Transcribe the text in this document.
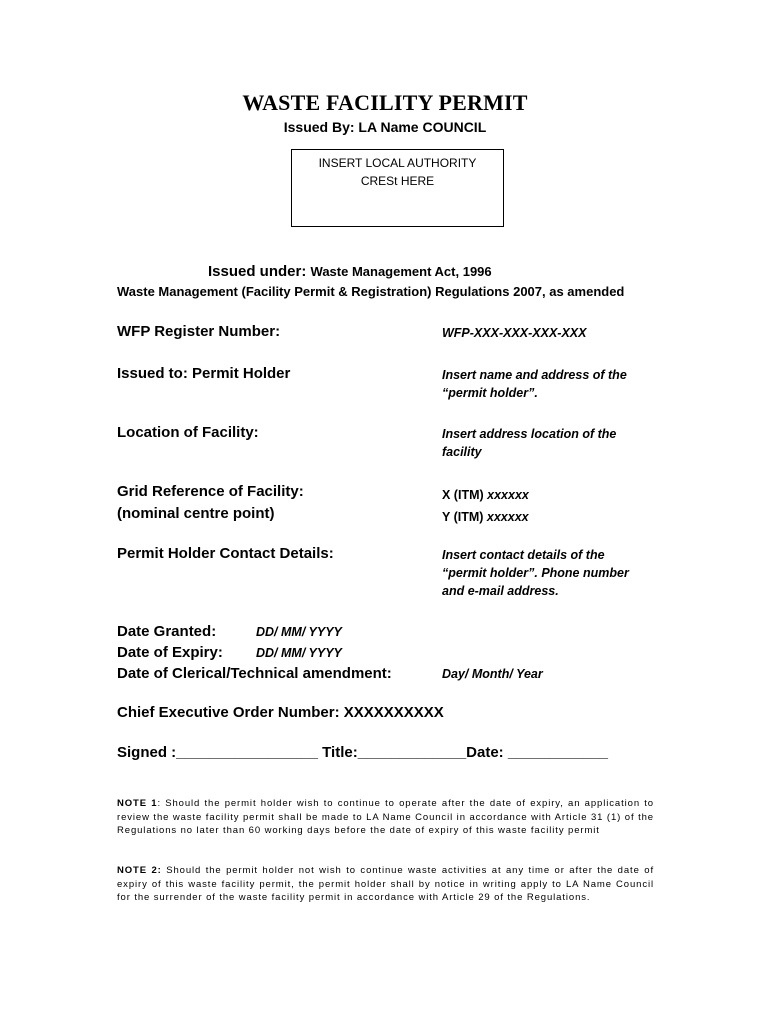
WASTE FACILITY PERMIT
Issued By: LA Name COUNCIL
INSERT LOCAL AUTHORITY
CRESt HERE
Issued under: Waste Management Act, 1996
Waste Management (Facility Permit & Registration) Regulations 2007, as amended
WFP Register Number:	WFP-XXX-XXX-XXX-XXX
Issued to: Permit Holder	Insert name and address of the
“permit holder”.
Location of Facility:	Insert address location of the
facility
Grid Reference of Facility:
(nominal centre point)
X (ITM) xxxxxx
Y (ITM) xxxxxx
Permit Holder Contact Details:	Insert contact details of the
“permit holder”. Phone number
and e-mail address.
Date Granted:	DD/ MM/ YYYY
Date of Expiry:	DD/ MM/ YYYY
Date of Clerical/Technical amendment:	Day/ Month/ Year
Chief Executive Order Number: XXXXXXXXXX
Signed :_________________ Title:_____________Date: ____________
NOTE 1: Should the permit holder wish to continue to operate after the date of expiry, an application to review the waste facility permit shall be made to LA Name Council in accordance with Article 31 (1) of the Regulations no later than 60 working days before the date of expiry of this waste facility permit
NOTE 2: Should the permit holder not wish to continue waste activities at any time or after the date of expiry of this waste facility permit, the permit holder shall by notice in writing apply to LA Name Council for the surrender of the waste facility permit in accordance with Article 29 of the Regulations.
